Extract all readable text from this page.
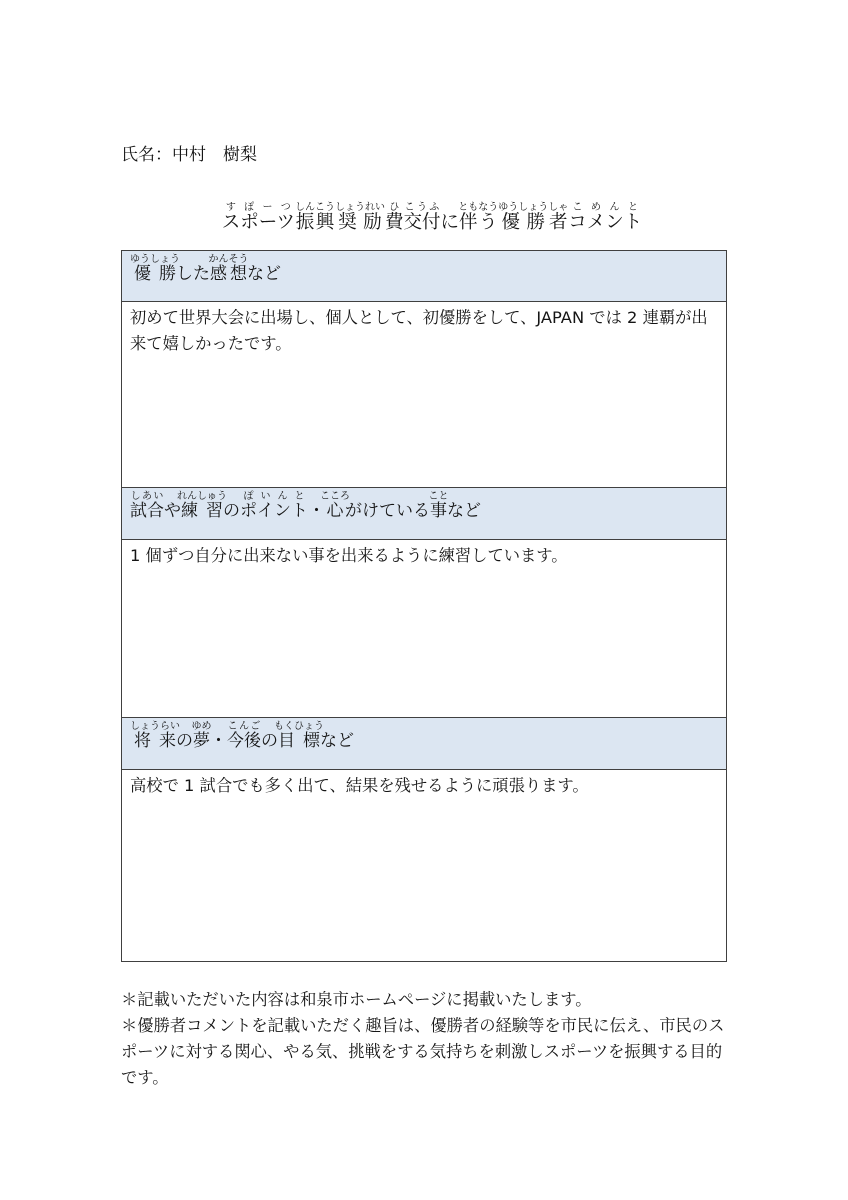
氏名：中村　樹梨
スポーツすぽーつ振興しんこう奨励しょうれい費ひ交付こうふに伴うともなう優勝ゆうしょう者しゃコメントこめんと
優勝ゆうしょうした感想かんそうなど
初めて世界大会に出場し、個人として、初優勝をして、JAPAN では 2 連覇が出来て嬉しかったです。
試合しあいや練習れんしゅうのポイントぽいんと・心こころがけている事ことなど
1 個ずつ自分に出来ない事を出来るように練習しています。
将来しょうらいの夢ゆめ・今後こんごの目標もくひょうなど
高校で 1 試合でも多く出て、結果を残せるように頑張ります。

＊記載いただいた内容は和泉市ホームページに掲載いたします。

＊優勝者コメントを記載いただく趣旨は、優勝者の経験等を市民に伝え、市民のスポーツに対する関心、やる気、挑戦をする気持ちを刺激しスポーツを振興する目的です。
